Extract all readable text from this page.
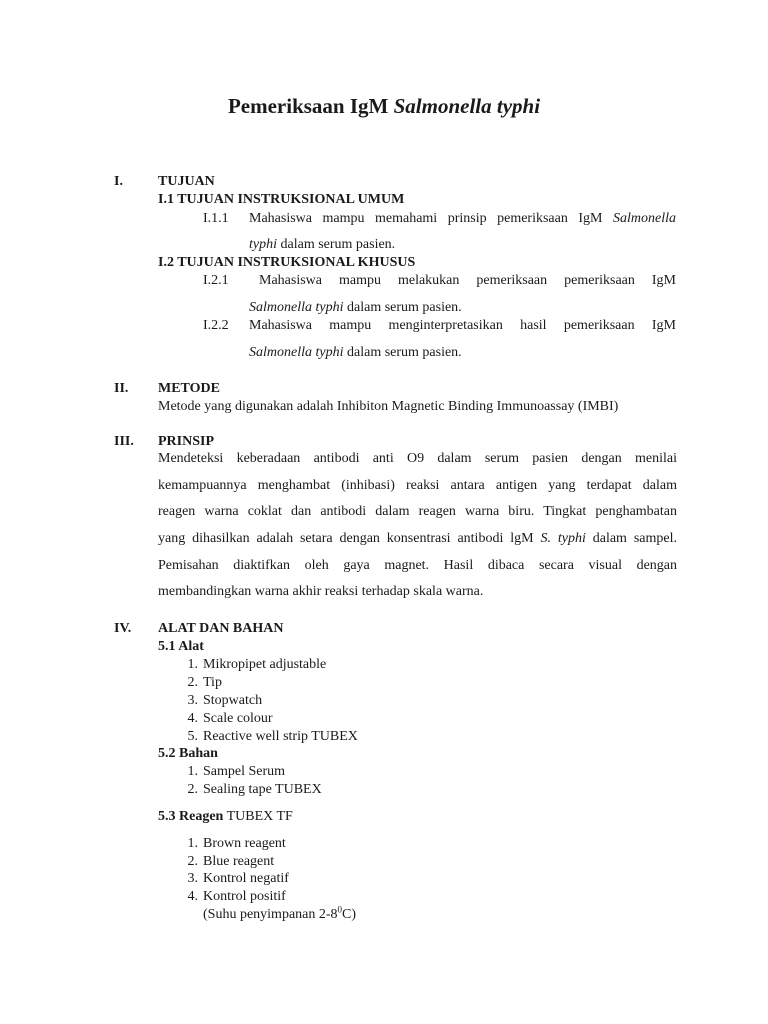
Pemeriksaan IgM Salmonella typhi
I.	TUJUAN
I.1 TUJUAN INSTRUKSIONAL UMUM
I.1.1 Mahasiswa mampu memahami prinsip pemeriksaan IgM Salmonella
typhi dalam serum pasien.
I.2 TUJUAN INSTRUKSIONAL KHUSUS
I.2.1 Mahasiswa mampu melakukan pemeriksaan pemeriksaan IgM
Salmonella typhi dalam serum pasien.
I.2.2 Mahasiswa mampu menginterpretasikan hasil pemeriksaan IgM
Salmonella typhi dalam serum pasien.
II. METODE
Metode yang digunakan adalah Inhibiton Magnetic Binding Immunoassay (IMBI)
III. PRINSIP
Mendeteksi keberadaan antibodi anti O9 dalam serum pasien dengan menilai
kemampuannya menghambat (inhibasi) reaksi antara antigen yang terdapat dalam
reagen warna coklat dan antibodi dalam reagen warna biru. Tingkat penghambatan
yang dihasilkan adalah setara dengan konsentrasi antibodi lgM S. typhi dalam sampel.
Pemisahan diaktifkan oleh gaya magnet. Hasil dibaca secara visual dengan
membandingkan warna akhir reaksi terhadap skala warna.
IV. ALAT DAN BAHAN
5.1 Alat
1. Mikropipet adjustable
2. Tip
3. Stopwatch
4. Scale colour
5. Reactive well strip TUBEX
5.2 Bahan
1. Sampel Serum
2. Sealing tape TUBEX
5.3 Reagen TUBEX TF
1. Brown reagent
2. Blue reagent
3. Kontrol negatif
4. Kontrol positif
(Suhu penyimpanan $2-8^0C$)
